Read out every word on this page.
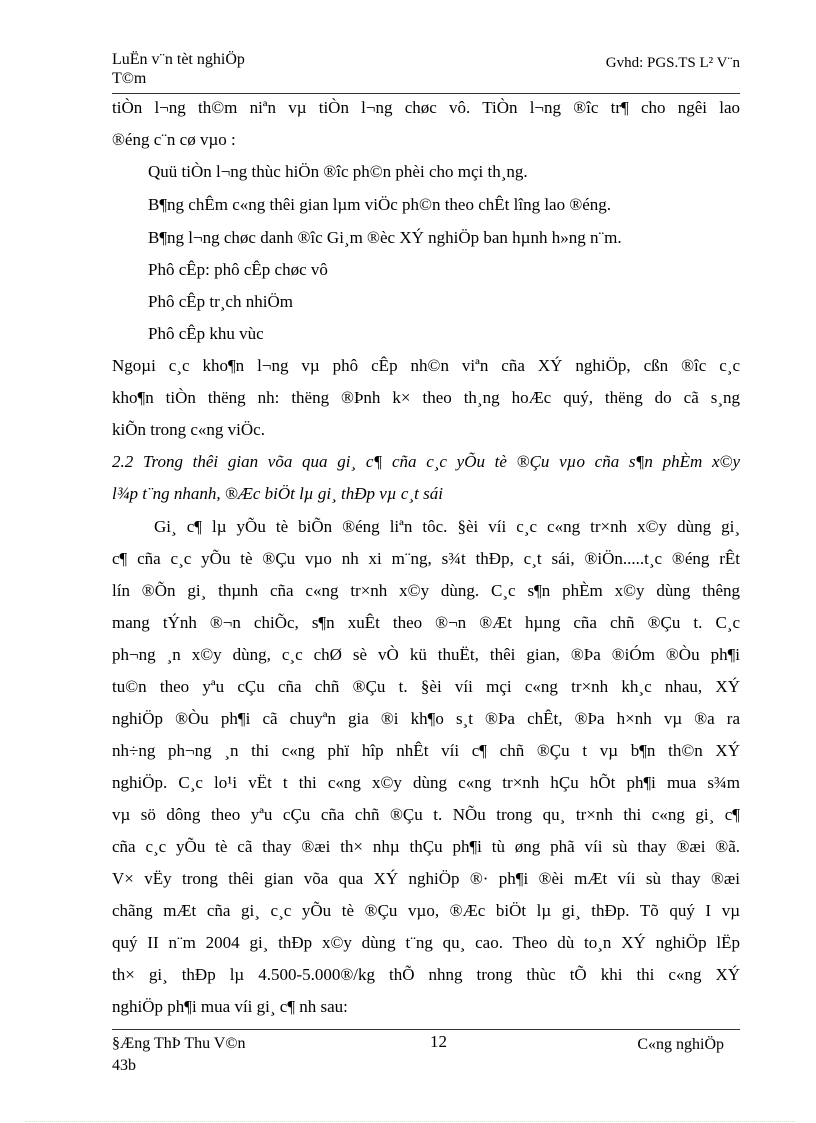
LuËn v¨n tèt nghiÖp
T©m
Gvhd: PGS.TS L² V¨n
tiÒn l¬ng th©m niªn vµ tiÒn l¬ng chøc vô. TiÒn l¬ng ®îc tr¶ cho ngêi lao
®éng c¨n cø vµo :
Quü tiÒn l¬ng thùc hiÖn ®îc ph©n phèi cho mçi th¸ng.
B¶ng chÊm c«ng thêi gian lµm viÖc ph©n theo chÊt lîng lao ®éng.
B¶ng l¬ng chøc danh ®îc Gi¸m ®èc XÝ nghiÖp ban hµnh h»ng n¨m.
Phô cÊp: phô cÊp chøc vô
Phô cÊp tr¸ch nhiÖm
Phô cÊp khu vùc
Ngoµi c¸c kho¶n l¬ng vµ phô cÊp nh©n viªn cña XÝ nghiÖp, cßn ®îc c¸c
kho¶n tiÒn thëng nh: thëng ®Þnh k× theo th¸ng hoÆc quý, thëng do cã s¸ng
kiÕn trong c«ng viÖc.
2.2 Trong thêi gian võa qua gi¸ c¶ cña c¸c yÕu tè ®Çu vµo cña s¶n phÈm x©y
l¾p t¨ng nhanh, ®Æc biÖt lµ gi¸ thÐp vµ c¸t sái
Gi¸ c¶ lµ yÕu tè biÕn ®éng liªn tôc. §èi víi c¸c c«ng tr×nh x©y dùng gi¸
c¶ cña c¸c yÕu tè ®Çu vµo nh xi m¨ng, s¾t thÐp, c¸t sái, ®iÖn.....t¸c ®éng rÊt
lín ®Õn gi¸ thµnh cña c«ng tr×nh x©y dùng. C¸c s¶n phÈm x©y dùng thêng
mang tÝnh ®¬n chiÕc, s¶n xuÊt theo ®¬n ®Æt hµng cña chñ ®Çu t. C¸c
ph¬ng ¸n x©y dùng, c¸c chØ sè vÒ kü thuËt, thêi gian, ®Þa ®iÓm ®Òu ph¶i
tu©n theo yªu cÇu cña chñ ®Çu t. §èi víi mçi c«ng tr×nh kh¸c nhau, XÝ
nghiÖp ®Òu ph¶i cã chuyªn gia ®i kh¶o s¸t ®Þa chÊt, ®Þa h×nh vµ ®a ra
nh÷ng ph¬ng ¸n thi c«ng phï hîp nhÊt víi c¶ chñ ®Çu t vµ b¶n th©n XÝ
nghiÖp. C¸c lo¹i vËt t thi c«ng x©y dùng c«ng tr×nh hÇu hÕt ph¶i mua s¾m
vµ sö dông theo yªu cÇu cña chñ ®Çu t. NÕu trong qu¸ tr×nh thi c«ng gi¸ c¶
cña c¸c yÕu tè cã thay ®æi th× nhµ thÇu ph¶i tù øng phã víi sù thay ®æi ®ã.
V× vËy trong thêi gian võa qua XÝ nghiÖp ®· ph¶i ®èi mÆt víi sù thay ®æi
chãng mÆt cña gi¸ c¸c yÕu tè ®Çu vµo, ®Æc biÖt lµ gi¸ thÐp. Tõ quý I vµ
quý II n¨m 2004 gi¸ thÐp x©y dùng t¨ng qu¸ cao. Theo dù to¸n XÝ nghiÖp lËp
th× gi¸ thÐp lµ 4.500-5.000®/kg thÕ nhng trong thùc tÕ khi thi c«ng XÝ
nghiÖp ph¶i mua víi gi¸ c¶ nh sau:
§Æng ThÞ Thu V©n
43b
12	C«ng nghiÖp
